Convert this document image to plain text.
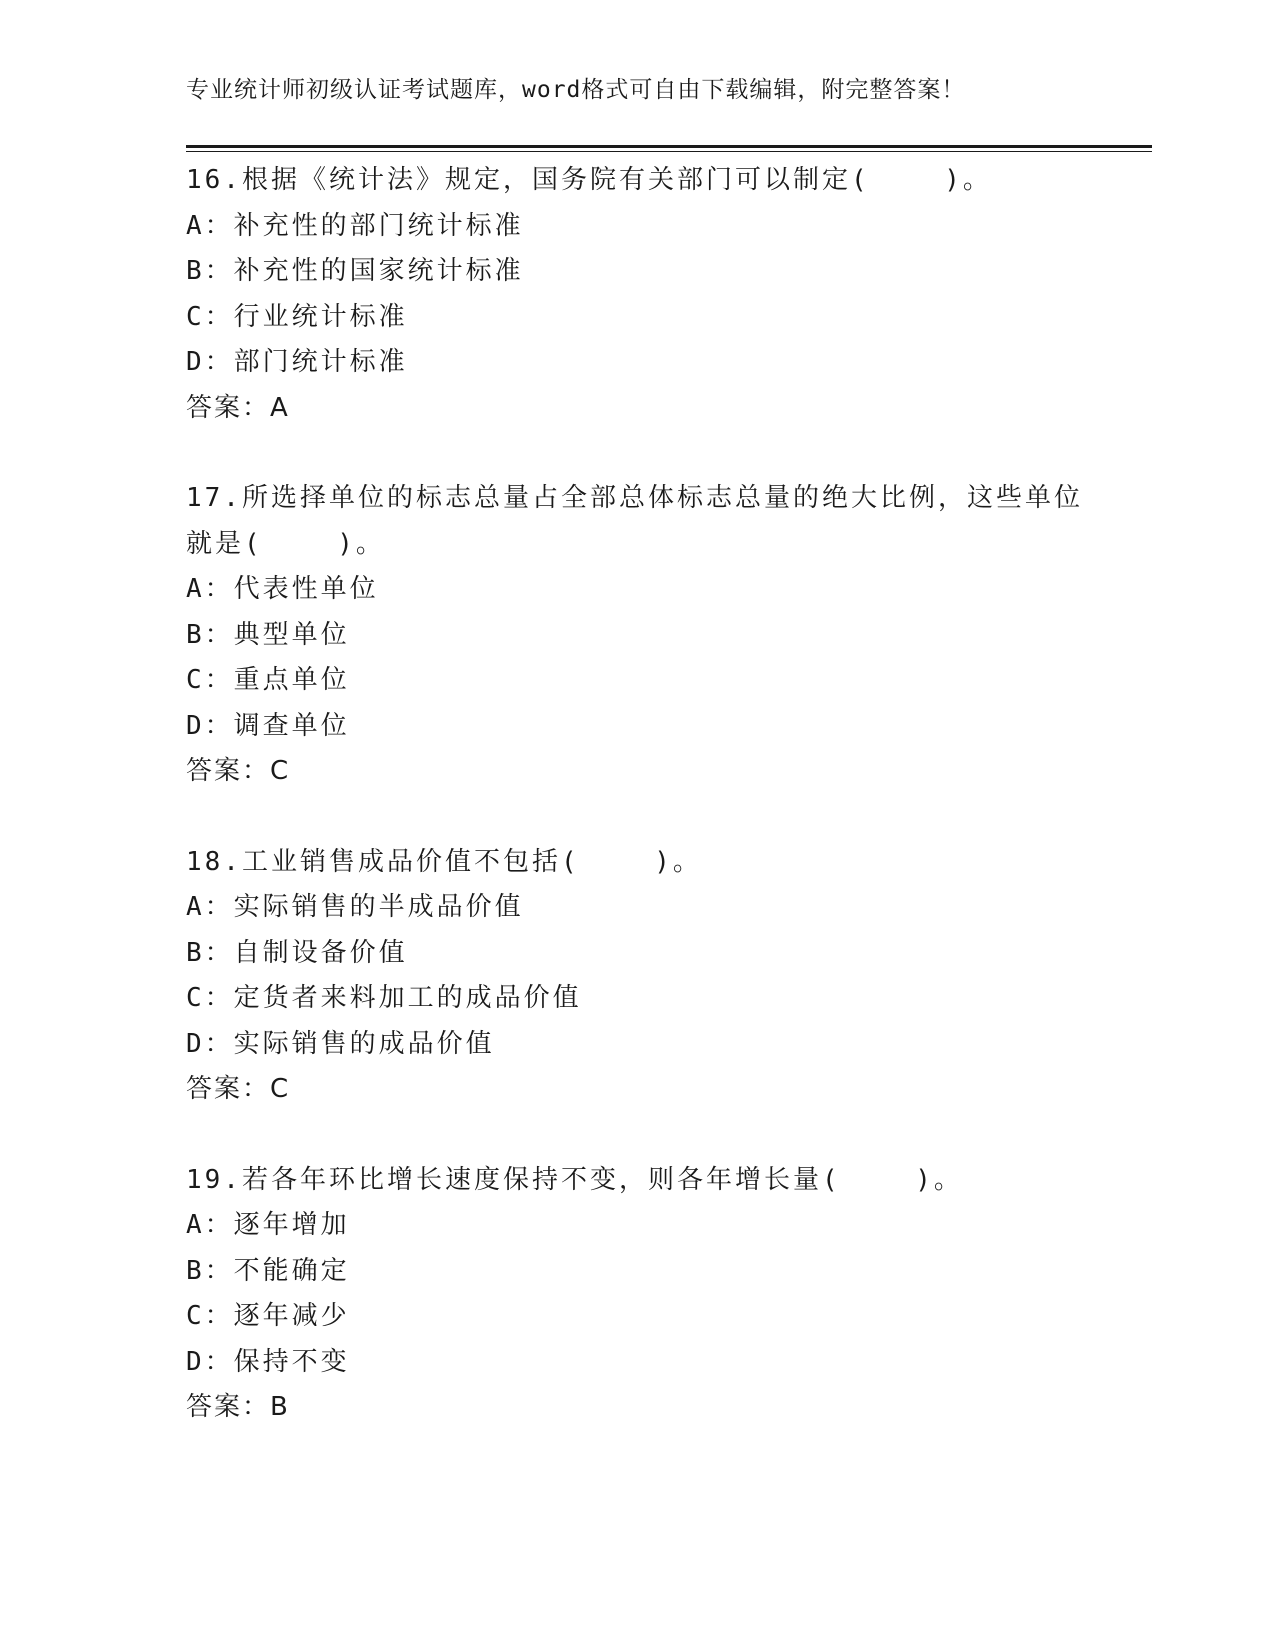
专业统计师初级认证考试题库，word格式可自由下载编辑，附完整答案！
16.根据《统计法》规定，国务院有关部门可以制定(    )。
A：补充性的部门统计标准
B：补充性的国家统计标准
C：行业统计标准
D：部门统计标准
答案：A
17.所选择单位的标志总量占全部总体标志总量的绝大比例，这些单位就是(    )。
A：代表性单位
B：典型单位
C：重点单位
D：调查单位
答案：C
18.工业销售成品价值不包括(    )。
A：实际销售的半成品价值
B：自制设备价值
C：定货者来料加工的成品价值
D：实际销售的成品价值
答案：C
19.若各年环比增长速度保持不变，则各年增长量(    )。
A：逐年增加
B：不能确定
C：逐年减少
D：保持不变
答案：B
